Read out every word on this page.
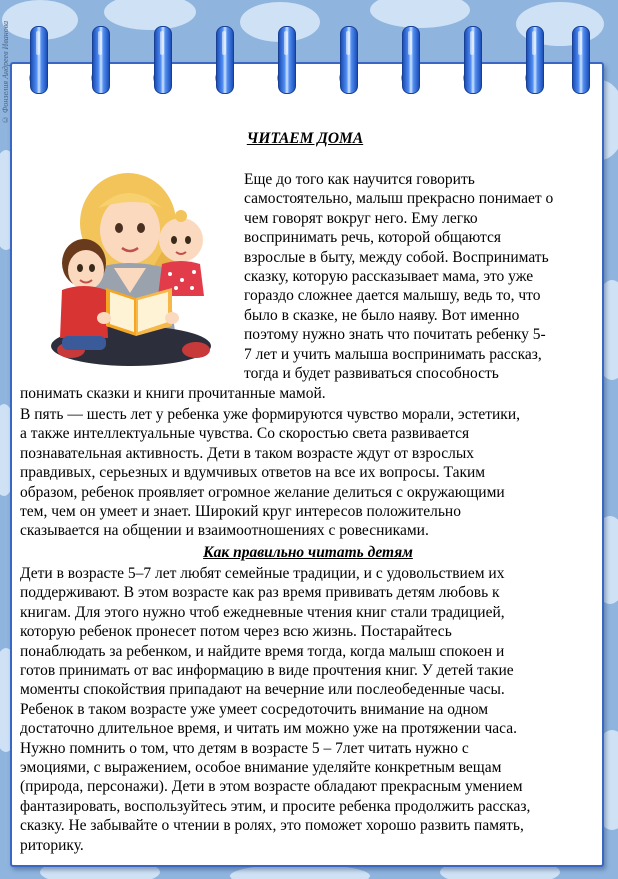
© Фонзелия Андреев Иванова
ЧИТАЕМ ДОМА
Еще до того как научится говорить
самостоятельно, малыш прекрасно понимает о
чем говорят вокруг него. Ему легко
воспринимать речь, которой общаются
взрослые в быту, между собой. Воспринимать
сказку, которую рассказывает мама, это уже
гораздо сложнее дается малышу, ведь то, что
было в сказке, не было наяву. Вот именно
поэтому нужно знать что почитать ребенку 5-
7 лет и учить малыша воспринимать рассказ,
тогда и будет развиваться способность
понимать сказки и книги прочитанные мамой.
В пять — шесть лет у ребенка уже формируются чувство морали, эстетики,
а также интеллектуальные чувства. Со скоростью света развивается
познавательная активность. Дети в таком возрасте ждут от взрослых
правдивых, серьезных и вдумчивых ответов на все их вопросы. Таким
образом, ребенок проявляет огромное желание делиться с окружающими
тем, чем он умеет и знает. Широкий круг интересов положительно
сказывается на общении и взаимоотношениях с ровесниками.
Как правильно читать детям
Дети в возрасте 5–7 лет любят семейные традиции, и с удовольствием их
поддерживают. В этом возрасте как раз время прививать детям любовь к
книгам. Для этого нужно чтоб ежедневные чтения книг стали традицией,
которую ребенок пронесет потом через всю жизнь. Постарайтесь
понаблюдать за ребенком, и найдите время тогда, когда малыш спокоен и
готов принимать от вас информацию в виде прочтения книг. У детей такие
моменты спокойствия припадают на вечерние или послеобеденные часы.
Ребенок в таком возрасте уже умеет сосредоточить внимание на одном
достаточно длительное время, и читать им можно уже на протяжении часа.
Нужно помнить о том, что детям в возрасте 5 – 7лет читать нужно с
эмоциями, с выражением, особое внимание уделяйте конкретным вещам
(природа, персонажи). Дети в этом возрасте обладают прекрасным умением
фантазировать, воспользуйтесь этим, и просите ребенка продолжить рассказ,
сказку. Не забывайте о чтении в ролях, это поможет хорошо развить память,
риторику.
